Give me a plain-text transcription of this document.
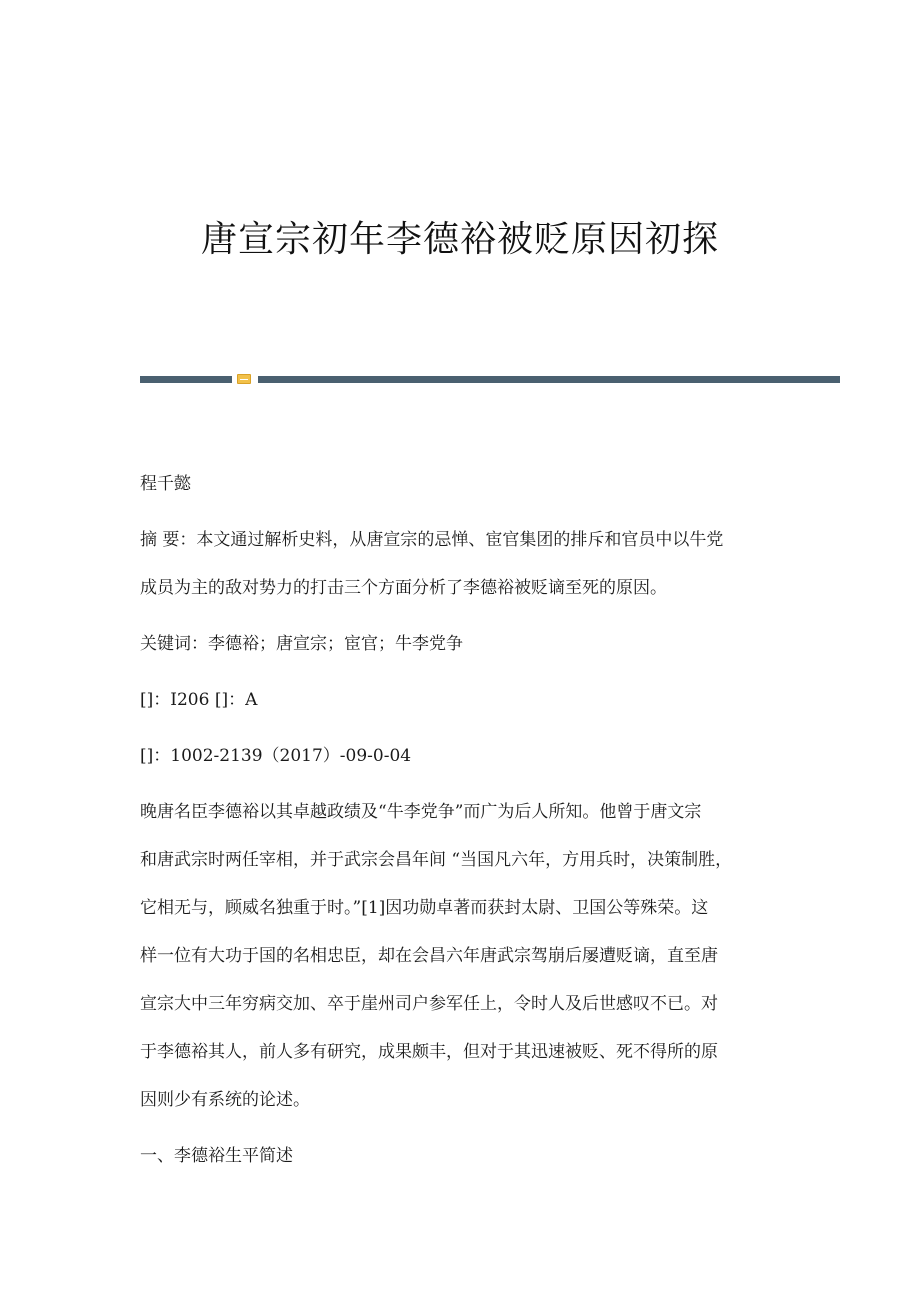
唐宣宗初年李德裕被贬原因初探
程千懿
摘 要：本文通过解析史料，从唐宣宗的忌惮、宦官集团的排斥和官员中以牛党
成员为主的敌对势力的打击三个方面分析了李德裕被贬谪至死的原因。
关键词：李德裕；唐宣宗；宦官；牛李党争
[]：I206 []：A
[]：1002-2139（2017）-09-0-04
晚唐名臣李德裕以其卓越政绩及“牛李党争”而广为后人所知。他曾于唐文宗
和唐武宗时两任宰相，并于武宗会昌年间 “当国凡六年，方用兵时，决策制胜，
它相无与，顾威名独重于时。”[1]因功勋卓著而获封太尉、卫国公等殊荣。这
样一位有大功于国的名相忠臣，却在会昌六年唐武宗驾崩后屡遭贬谪，直至唐
宣宗大中三年穷病交加、卒于崖州司户参军任上，令时人及后世感叹不已。对
于李德裕其人，前人多有研究，成果颇丰，但对于其迅速被贬、死不得所的原
因则少有系统的论述。
一、李德裕生平简述
